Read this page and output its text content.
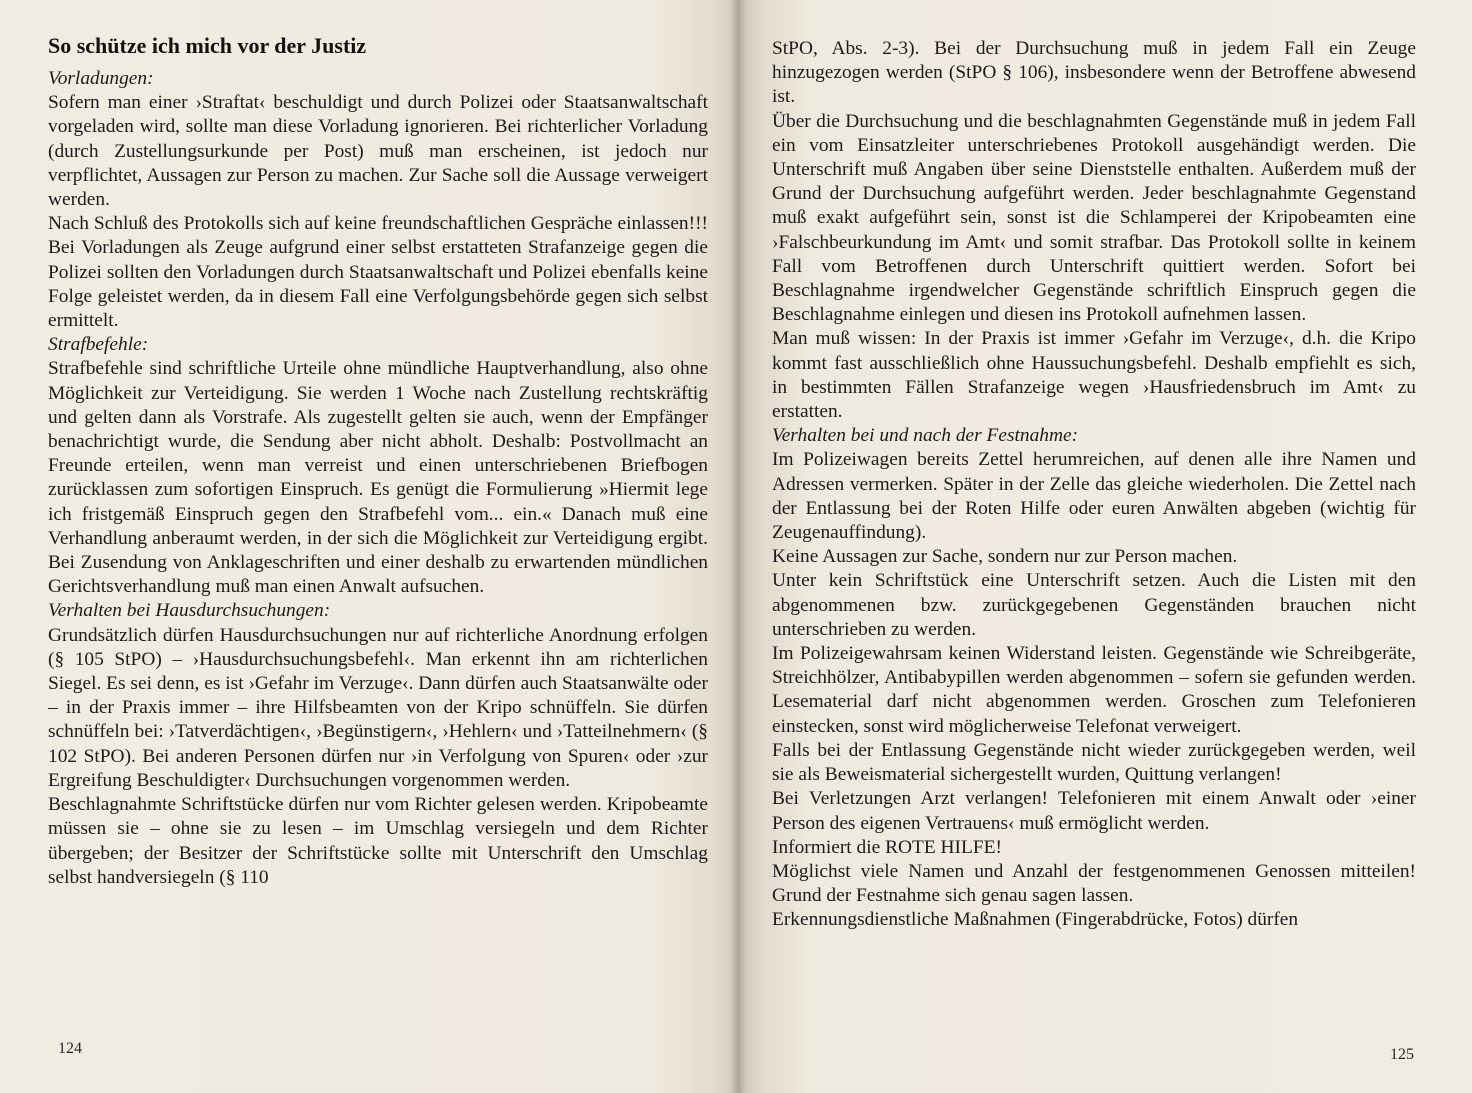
So schütze ich mich vor der Justiz

Vorladungen:

Sofern man einer ›Straftat‹ beschuldigt und durch Polizei oder Staatsanwaltschaft vorgeladen wird, sollte man diese Vorladung ignorieren. Bei richterlicher Vorladung (durch Zustellungsurkunde per Post) muß man erscheinen, ist jedoch nur verpflichtet, Aussagen zur Person zu machen. Zur Sache soll die Aussage verweigert werden.

Nach Schluß des Protokolls sich auf keine freundschaftlichen Gespräche einlassen!!! Bei Vorladungen als Zeuge aufgrund einer selbst erstatteten Strafanzeige gegen die Polizei sollten den Vorladungen durch Staatsanwaltschaft und Polizei ebenfalls keine Folge geleistet werden, da in diesem Fall eine Verfolgungsbehörde gegen sich selbst ermittelt.

Strafbefehle:

Strafbefehle sind schriftliche Urteile ohne mündliche Hauptverhandlung, also ohne Möglichkeit zur Verteidigung. Sie werden 1 Woche nach Zustellung rechtskräftig und gelten dann als Vorstrafe. Als zugestellt gelten sie auch, wenn der Empfänger benachrichtigt wurde, die Sendung aber nicht abholt. Deshalb: Postvollmacht an Freunde erteilen, wenn man verreist und einen unterschriebenen Briefbogen zurücklassen zum sofortigen Einspruch. Es genügt die Formulierung »Hiermit lege ich fristgemäß Einspruch gegen den Strafbefehl vom... ein.« Danach muß eine Verhandlung anberaumt werden, in der sich die Möglichkeit zur Verteidigung ergibt. Bei Zusendung von Anklageschriften und einer deshalb zu erwartenden mündlichen Gerichtsverhandlung muß man einen Anwalt aufsuchen.

Verhalten bei Hausdurchsuchungen:

Grundsätzlich dürfen Hausdurchsuchungen nur auf richterliche Anordnung erfolgen (§ 105 StPO) – ›Hausdurchsuchungsbefehl‹. Man erkennt ihn am richterlichen Siegel. Es sei denn, es ist ›Gefahr im Verzuge‹. Dann dürfen auch Staatsanwälte oder – in der Praxis immer – ihre Hilfsbeamten von der Kripo schnüffeln. Sie dürfen schnüffeln bei: ›Tatverdächtigen‹, ›Begünstigern‹, ›Hehlern‹ und ›Tatteilnehmern‹ (§ 102 StPO). Bei anderen Personen dürfen nur ›in Verfolgung von Spuren‹ oder ›zur Ergreifung Beschuldigter‹ Durchsuchungen vorgenommen werden.

Beschlagnahmte Schriftstücke dürfen nur vom Richter gelesen werden. Kripobeamte müssen sie – ohne sie zu lesen – im Umschlag versiegeln und dem Richter übergeben; der Besitzer der Schriftstücke sollte mit Unterschrift den Umschlag selbst handversiegeln (§ 110

124

StPO, Abs. 2-3). Bei der Durchsuchung muß in jedem Fall ein Zeuge hinzugezogen werden (StPO § 106), insbesondere wenn der Betroffene abwesend ist.

Über die Durchsuchung und die beschlagnahmten Gegenstände muß in jedem Fall ein vom Einsatzleiter unterschriebenes Protokoll ausgehändigt werden. Die Unterschrift muß Angaben über seine Dienststelle enthalten. Außerdem muß der Grund der Durchsuchung aufgeführt werden. Jeder beschlagnahmte Gegenstand muß exakt aufgeführt sein, sonst ist die Schlamperei der Kripobeamten eine ›Falschbeurkundung im Amt‹ und somit strafbar. Das Protokoll sollte in keinem Fall vom Betroffenen durch Unterschrift quittiert werden. Sofort bei Beschlagnahme irgendwelcher Gegenstände schriftlich Einspruch gegen die Beschlagnahme einlegen und diesen ins Protokoll aufnehmen lassen.

Man muß wissen: In der Praxis ist immer ›Gefahr im Verzuge‹, d.h. die Kripo kommt fast ausschließlich ohne Haussuchungsbefehl. Deshalb empfiehlt es sich, in bestimmten Fällen Strafanzeige wegen ›Hausfriedensbruch im Amt‹ zu erstatten.

Verhalten bei und nach der Festnahme:

Im Polizeiwagen bereits Zettel herumreichen, auf denen alle ihre Namen und Adressen vermerken. Später in der Zelle das gleiche wiederholen. Die Zettel nach der Entlassung bei der Roten Hilfe oder euren Anwälten abgeben (wichtig für Zeugenauffindung).

Keine Aussagen zur Sache, sondern nur zur Person machen.

Unter kein Schriftstück eine Unterschrift setzen. Auch die Listen mit den abgenommenen bzw. zurückgegebenen Gegenständen brauchen nicht unterschrieben zu werden.

Im Polizeigewahrsam keinen Widerstand leisten. Gegenstände wie Schreibgeräte, Streichhölzer, Antibabypillen werden abgenommen – sofern sie gefunden werden. Lesematerial darf nicht abgenommen werden. Groschen zum Telefonieren einstecken, sonst wird möglicherweise Telefonat verweigert.

Falls bei der Entlassung Gegenstände nicht wieder zurückgegeben werden, weil sie als Beweismaterial sichergestellt wurden, Quittung verlangen!

Bei Verletzungen Arzt verlangen! Telefonieren mit einem Anwalt oder ›einer Person des eigenen Vertrauens‹ muß ermöglicht werden.

Informiert die ROTE HILFE!

Möglichst viele Namen und Anzahl der festgenommenen Genossen mitteilen! Grund der Festnahme sich genau sagen lassen.

Erkennungsdienstliche Maßnahmen (Fingerabdrücke, Fotos) dürfen

125
